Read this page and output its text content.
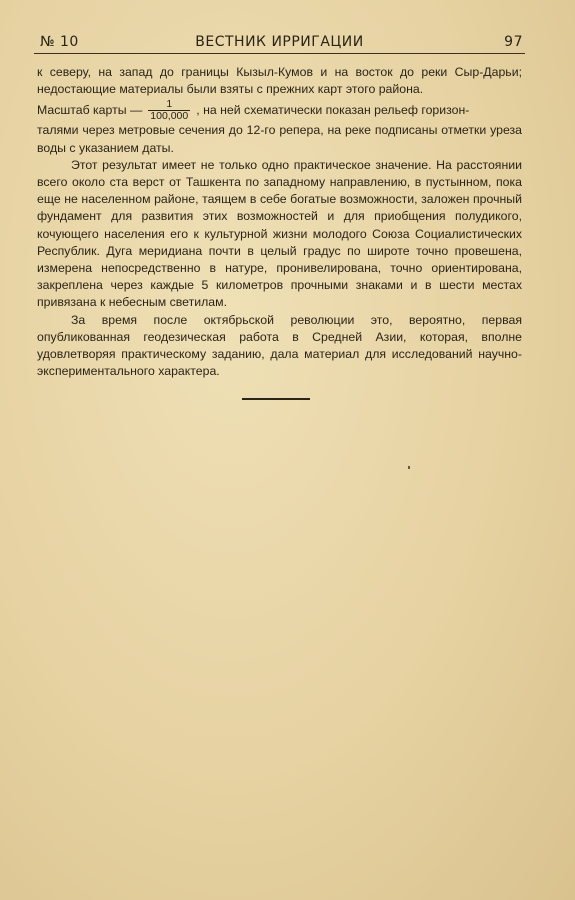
№ 10	ВЕСТНИК ИРРИГАЦИИ	97

к северу, на запад до границы Кызыл-Кумов и на восток до реки Сыр-Дарьи; недостающие материалы были взяты с прежних карт этого района.

Масштаб карты — $\frac{1}{100,000}$ , на ней схематически показан рельеф горизон-

талями через метровые сечения до 12-го репера, на реке подписаны отметки уреза воды с указанием даты.

Этот результат имеет не только одно практическое значение. На расстоянии всего около ста верст от Ташкента по западному направлению, в пустынном, пока еще не населенном районе, таящем в себе богатые возможности, заложен прочный фундамент для развития этих возможностей и для приобщения полудикого, кочующего населения его к культурной жизни молодого Союза Социалистических Республик. Дуга меридиана почти в целый градус по широте точно провешена, измерена непосредственно в натуре, пронивелирована, точно ориентирована, закреплена через каждые 5 километров прочными знаками и в шести местах привязана к небесным светилам.

За время после октябрьской революции это, вероятно, первая опубликованная геодезическая работа в Средней Азии, которая, вполне удовлетворяя практическому заданию, дала материал для исследований научно-экспериментального характера.
